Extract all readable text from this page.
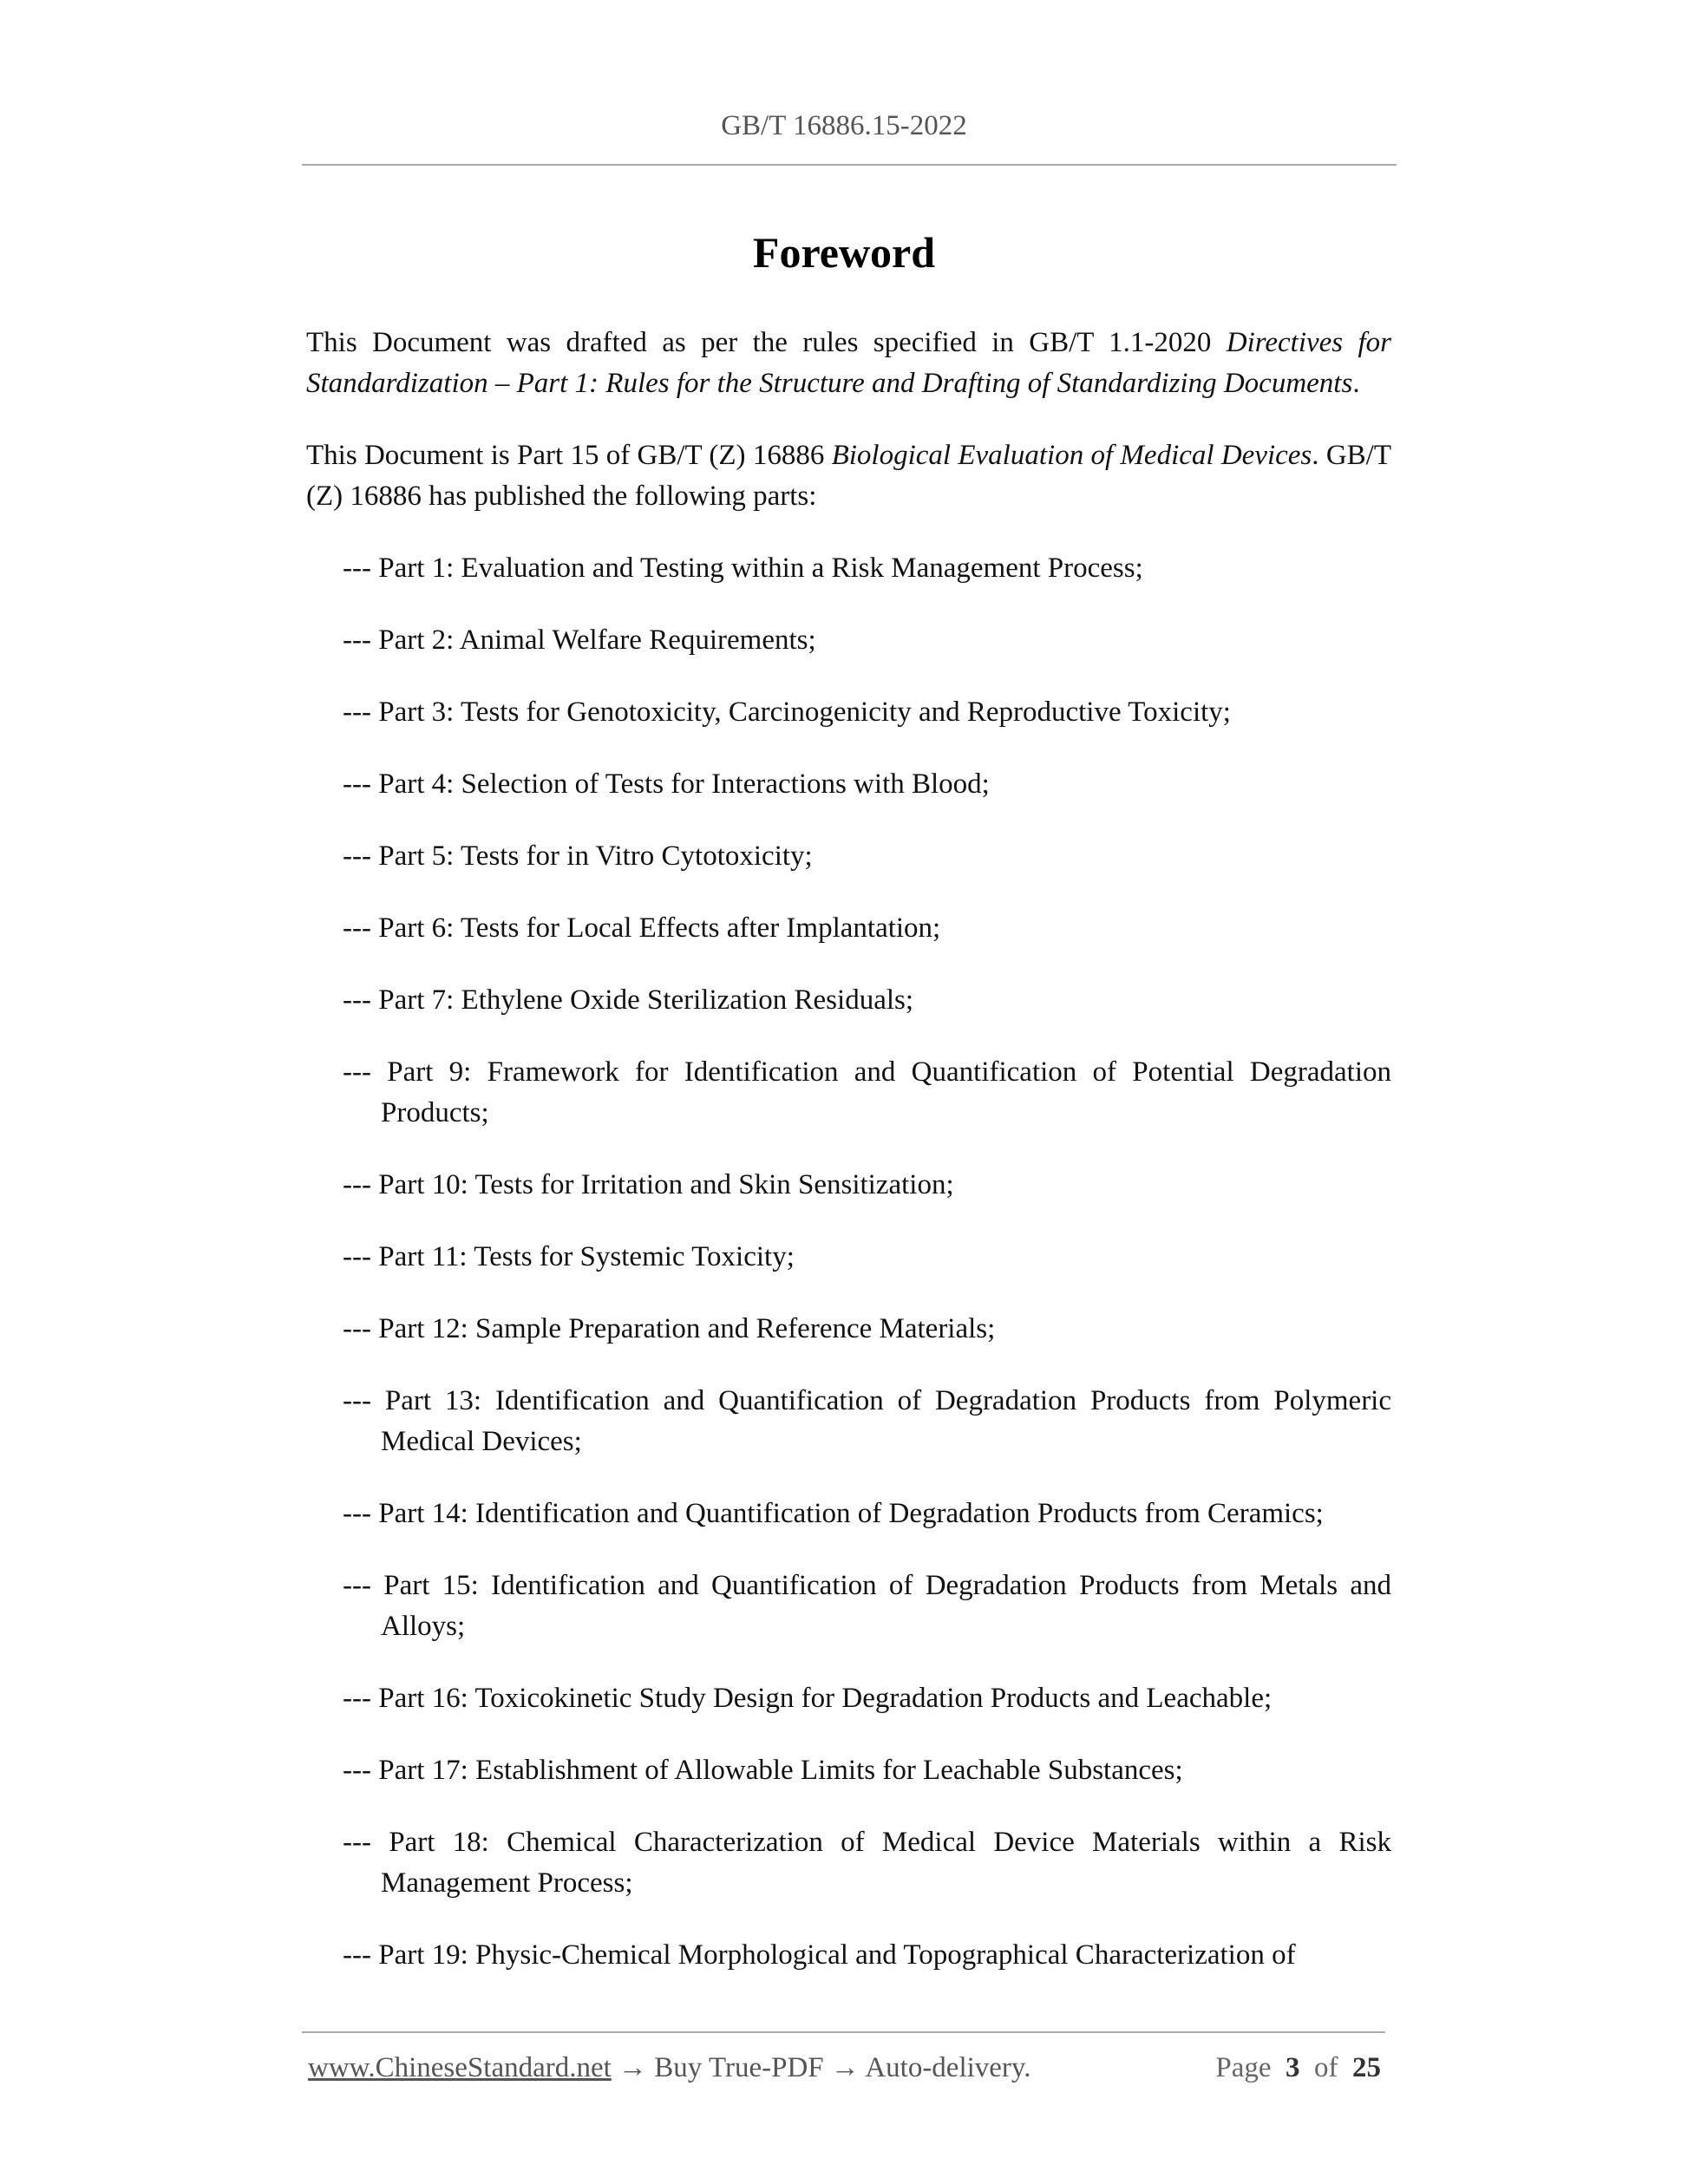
GB/T 16886.15-2022
Foreword

This Document was drafted as per the rules specified in GB/T 1.1-2020 Directives for Standardization – Part 1: Rules for the Structure and Drafting of Standardizing Documents.

This Document is Part 15 of GB/T (Z) 16886 Biological Evaluation of Medical Devices. GB/T (Z) 16886 has published the following parts:

--- Part 1: Evaluation and Testing within a Risk Management Process;

--- Part 2: Animal Welfare Requirements;

--- Part 3: Tests for Genotoxicity, Carcinogenicity and Reproductive Toxicity;

--- Part 4: Selection of Tests for Interactions with Blood;

--- Part 5: Tests for in Vitro Cytotoxicity;

--- Part 6: Tests for Local Effects after Implantation;

--- Part 7: Ethylene Oxide Sterilization Residuals;

--- Part 9: Framework for Identification and Quantification of Potential Degradation Products;

--- Part 10: Tests for Irritation and Skin Sensitization;

--- Part 11: Tests for Systemic Toxicity;

--- Part 12: Sample Preparation and Reference Materials;

--- Part 13: Identification and Quantification of Degradation Products from Polymeric Medical Devices;

--- Part 14: Identification and Quantification of Degradation Products from Ceramics;

--- Part 15: Identification and Quantification of Degradation Products from Metals and Alloys;

--- Part 16: Toxicokinetic Study Design for Degradation Products and Leachable;

--- Part 17: Establishment of Allowable Limits for Leachable Substances;

--- Part 18: Chemical Characterization of Medical Device Materials within a Risk Management Process;

--- Part 19: Physic-Chemical Morphological and Topographical Characterization of

www.ChineseStandard.net → Buy True-PDF → Auto-delivery.	Page 3 of 25
